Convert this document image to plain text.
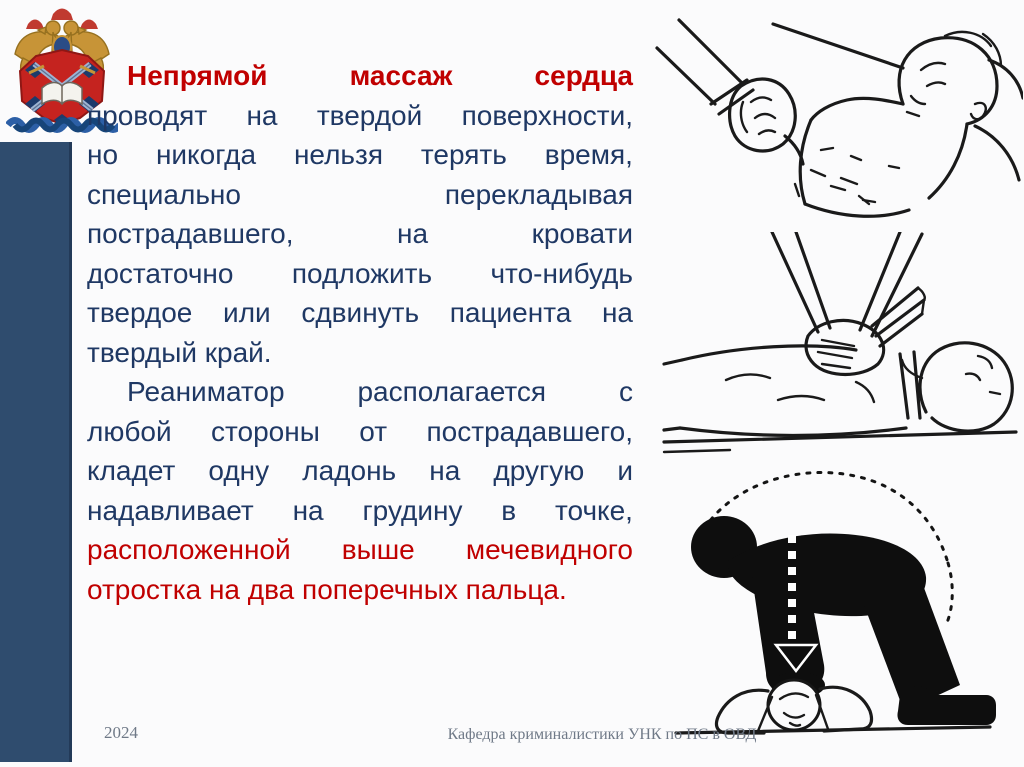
Непрямой	массаж	сердца
проводят на твердой поверхности,
но никогда нельзя терять время,
специально	перекладывая
пострадавшего,	на	кровати
достаточно подложить что-нибудь
твердое или сдвинуть пациента на
твердый край.
Реаниматор	располагается	с
любой стороны от пострадавшего,
кладет одну ладонь на другую и
надавливает на грудину в точке,
расположенной выше мечевидного
отростка на два поперечных пальца.
2024	Кафедра криминалистики УНК по ПС в ОВД
